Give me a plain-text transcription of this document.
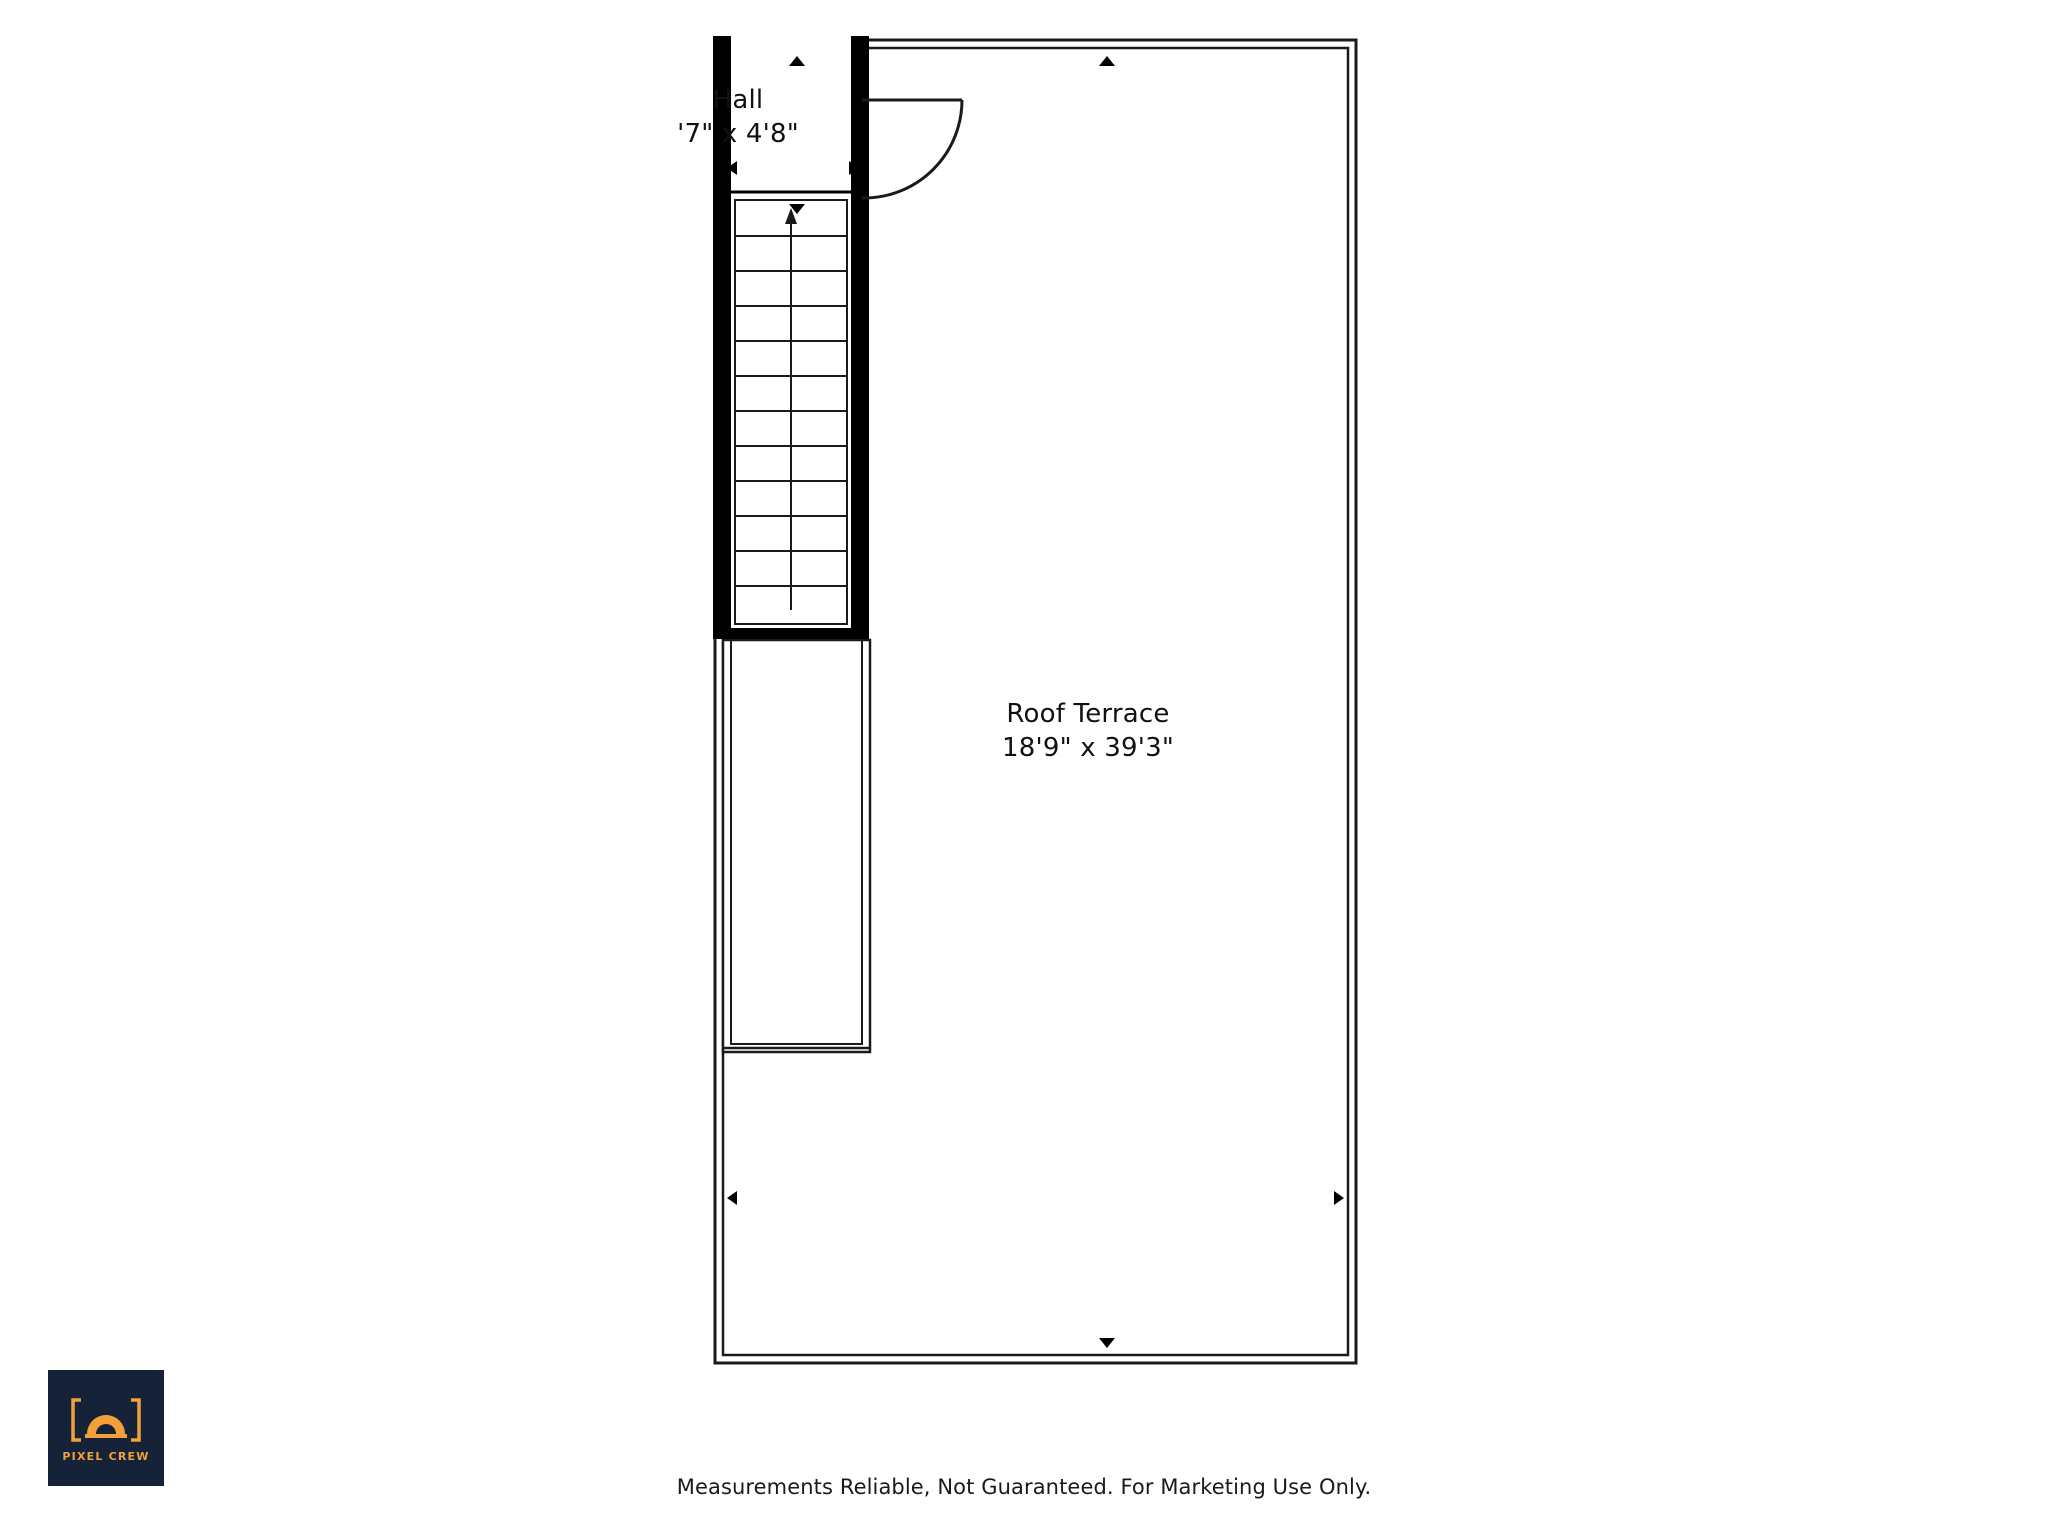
Hall
'7" x 4'8"
Roof Terrace
18'9" x 39'3"
Measurements Reliable, Not Guaranteed. For Marketing Use Only.
PIXEL CREW
